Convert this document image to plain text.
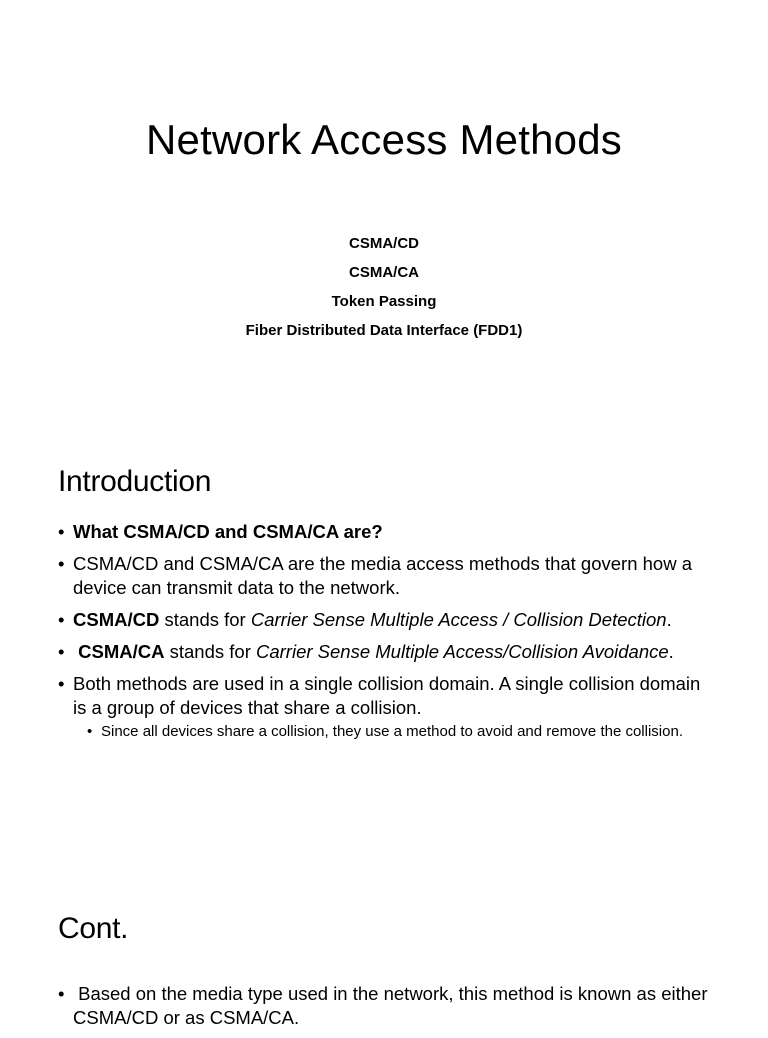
Network Access Methods
CSMA/CD
CSMA/CA
Token Passing
Fiber Distributed Data Interface (FDD1)
Introduction
• What CSMA/CD and CSMA/CA are?
• CSMA/CD and CSMA/CA are the media access methods that govern how a device can transmit data to the network.
• CSMA/CD stands for Carrier Sense Multiple Access / Collision Detection.
• CSMA/CA stands for Carrier Sense Multiple Access/Collision Avoidance.
• Both methods are used in a single collision domain. A single collision domain is a group of devices that share a collision.
• Since all devices share a collision, they use a method to avoid and remove the collision.
Cont.
• Based on the media type used in the network, this method is known as either CSMA/CD or as CSMA/CA.
